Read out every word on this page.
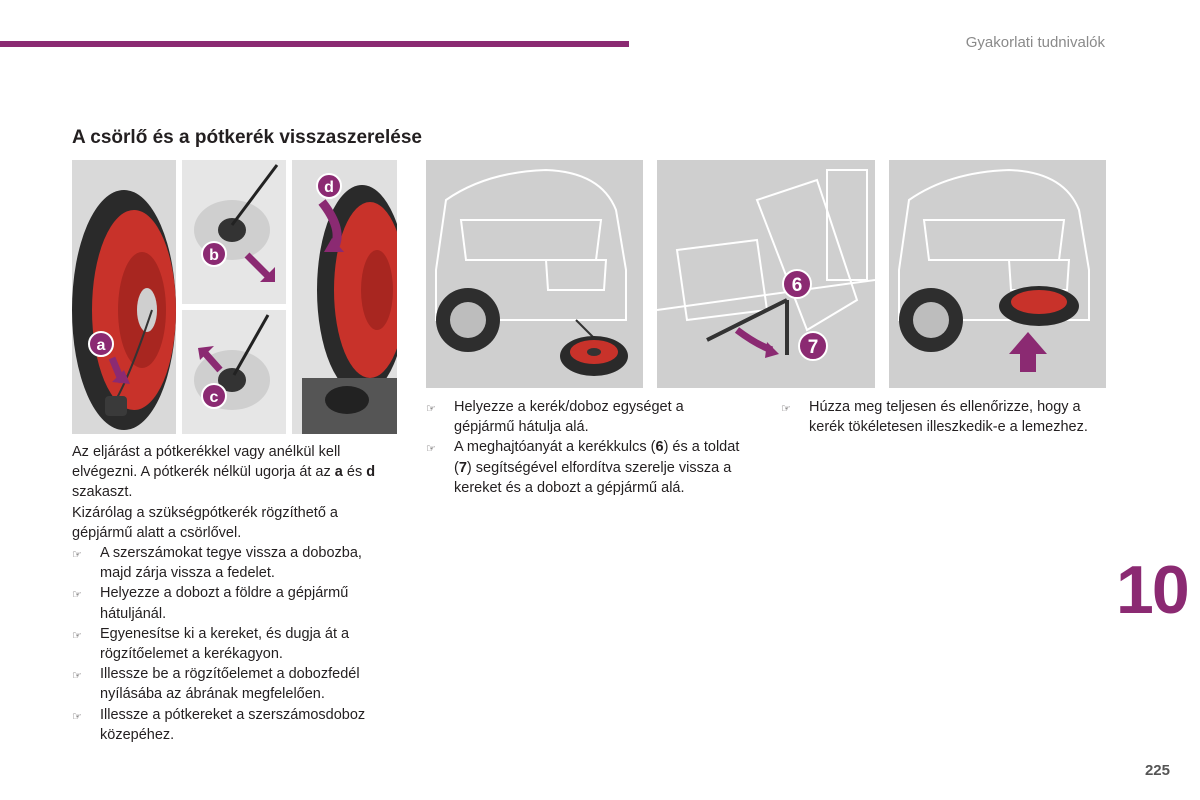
Gyakorlati tudnivalók
A csörlő és a pótkerék visszaszerelése
a
b
c
d
6
7

Az eljárást a pótkerékkel vagy anélkül kell elvégezni. A pótkerék nélkül ugorja át az a és d szakaszt.

Kizárólag a szükségpótkerék rögzíthető a gépjármű alatt a csörlővel.

☞	A szerszámokat tegye vissza a dobozba, majd zárja vissza a fedelet.
☞	Helyezze a dobozt a földre a gépjármű hátuljánál.
☞	Egyenesítse ki a kereket, és dugja át a rögzítőelemet a kerékagyon.
☞	Illessze be a rögzítőelemet a dobozfedél nyílásába az ábrának megfelelően.
☞	Illessze a pótkereket a szerszámosdoboz közepéhez.
☞	Helyezze a kerék/doboz egységet a gépjármű hátulja alá.
☞	A meghajtóanyát a kerékkulcs (6) és a toldat (7) segítségével elfordítva szerelje vissza a kereket és a dobozt a gépjármű alá.
☞	Húzza meg teljesen és ellenőrizze, hogy a kerék tökéletesen illeszkedik-e a lemezhez.
10
225
